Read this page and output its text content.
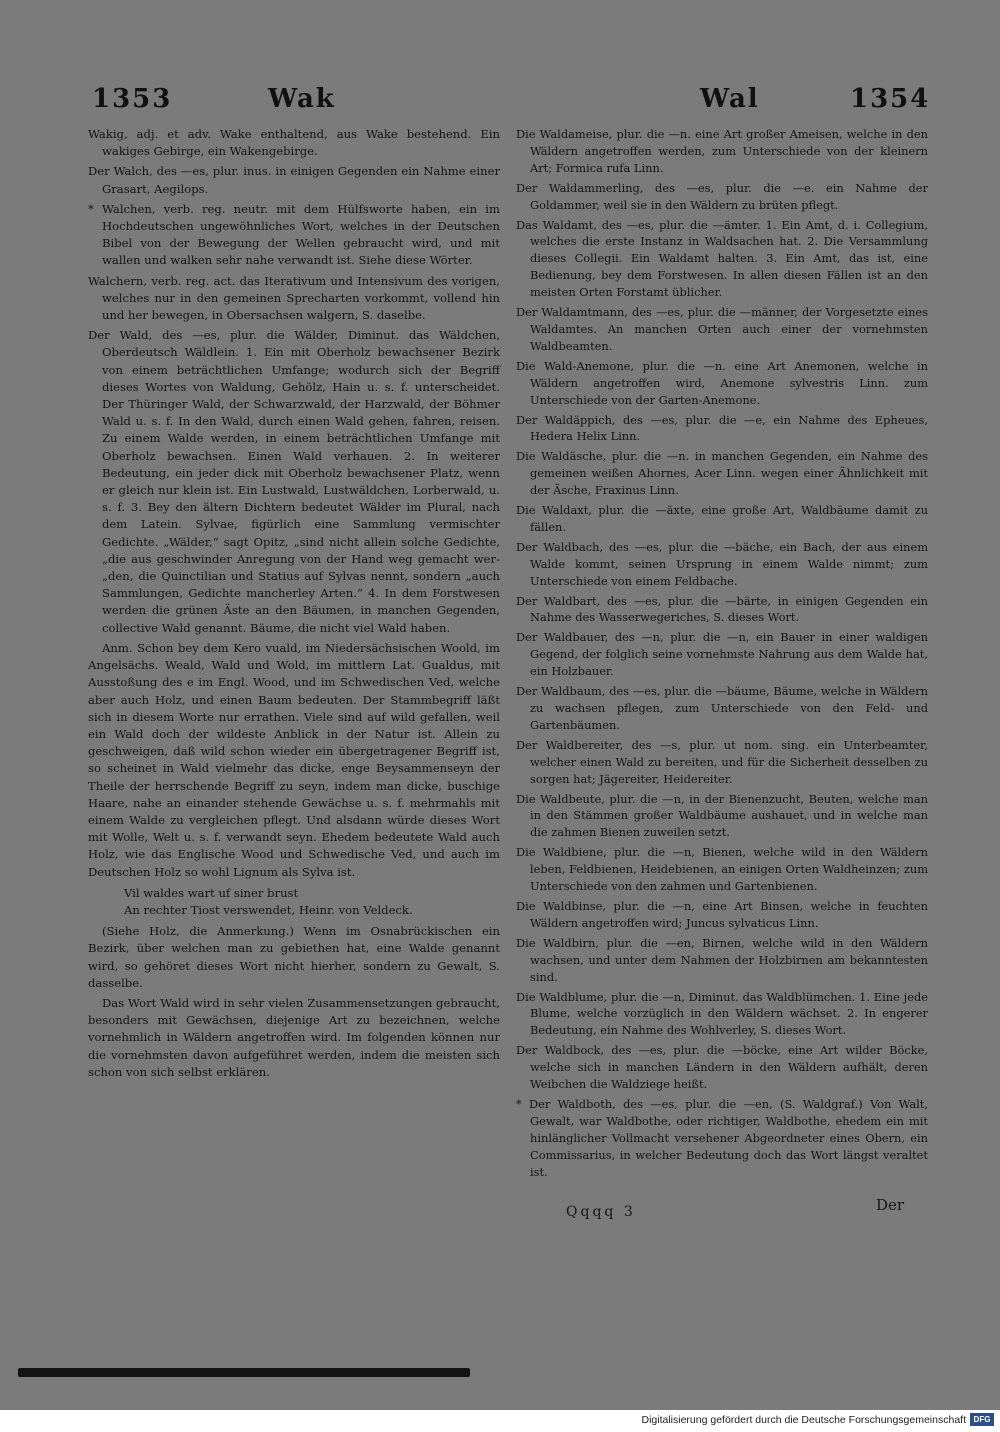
1353	Wak	Wal	1354

Wakig, adj. et adv. Wake enthaltend, aus Wake bestehend. Ein wakiges Gebirge, ein Wakengebirge.

Der Walch, des —es, plur. inus. in einigen Gegenden ein Nahme einer Grasart, Aegilops.

* Walchen, verb. reg. neutr. mit dem Hülfsworte haben, ein im Hochdeutschen ungewöhnliches Wort, welches in der Deutschen Bibel von der Bewegung der Wellen gebraucht wird, und mit wallen und walken sehr nahe verwandt ist. Siehe diese Wörter.

Walchern, verb. reg. act. das Iterativum und Intensivum des vorigen, welches nur in den gemeinen Sprecharten vorkommt, vollend hin und her bewegen, in Obersachsen walgern, S. daselbe.

Der Wald, des —es, plur. die Wälder, Diminut. das Wäldchen, Oberdeutsch Wäldlein. 1. Ein mit Oberholz bewachsener Bezirk von einem beträchtlichen Umfange; wodurch sich der Begriff dieses Wortes von Waldung, Gehölz, Hain u. s. f. unterscheidet. Der Thüringer Wald, der Schwarzwald, der Harzwald, der Böhmer Wald u. s. f. In den Wald, durch einen Wald gehen, fahren, reisen. Zu einem Walde werden, in einem beträchtlichen Umfange mit Oberholz bewachsen. Einen Wald verhauen. 2. In weiterer Bedeutung, ein jeder dick mit Oberholz bewachsener Platz, wenn er gleich nur klein ist. Ein Lustwald, Lustwäldchen, Lorberwald, u. s. f. 3. Bey den ältern Dichtern bedeutet Wälder im Plural, nach dem Latein. Sylvae, figürlich eine Sammlung vermischter Gedichte. „Wälder,“ sagt Opitz, „sind nicht allein solche Gedichte, „die aus geschwinder Anregung von der Hand weg gemacht wer- „den, die Quinctilian und Statius auf Sylvas nennt, sondern „auch Sammlungen, Gedichte mancherley Arten.“ 4. In dem Forstwesen werden die grünen Äste an den Bäumen, in manchen Gegenden, collective Wald genannt. Bäume, die nicht viel Wald haben.

Anm. Schon bey dem Kero vuald, im Niedersächsischen Woold, im Angelsächs. Weald, Wald und Wold, im mittlern Lat. Gualdus, mit Ausstoßung des e im Engl. Wood, und im Schwedischen Ved, welche aber auch Holz, und einen Baum bedeuten. Der Stammbegriff läßt sich in diesem Worte nur errathen. Viele sind auf wild gefallen, weil ein Wald doch der wildeste Anblick in der Natur ist. Allein zu geschweigen, daß wild schon wieder ein übergetragener Begriff ist, so scheinet in Wald vielmehr das dicke, enge Beysammenseyn der Theile der herrschende Begriff zu seyn, indem man dicke, buschige Haare, nahe an einander stehende Gewächse u. s. f. mehrmahls mit einem Walde zu vergleichen pflegt. Und alsdann würde dieses Wort mit Wolle, Welt u. s. f. verwandt seyn. Ehedem bedeutete Wald auch Holz, wie das Englische Wood und Schwedische Ved, und auch im Deutschen Holz so wohl Lignum als Sylva ist.

Vil waldes wart uf siner brust
An rechter Tiost verswendet, Heinr. von Veldeck.

(Siehe Holz, die Anmerkung.) Wenn im Osnabrückischen ein Bezirk, über welchen man zu gebiethen hat, eine Walde genannt wird, so gehöret dieses Wort nicht hierher, sondern zu Gewalt, S. dasselbe.

Das Wort Wald wird in sehr vielen Zusammensetzungen gebraucht, besonders mit Gewächsen, diejenige Art zu bezeichnen, welche vornehmlich in Wäldern angetroffen wird. Im folgenden können nur die vornehmsten davon aufgeführet werden, indem die meisten sich schon von sich selbst erklären.

Die Waldameise, plur. die —n. eine Art großer Ameisen, welche in den Wäldern angetroffen werden, zum Unterschiede von der kleinern Art; Formica rufa Linn.

Der Waldammerling, des —es, plur. die —e. ein Nahme der Goldammer, weil sie in den Wäldern zu brüten pflegt.

Das Waldamt, des —es, plur. die —ämter. 1. Ein Amt, d. i. Collegium, welches die erste Instanz in Waldsachen hat. 2. Die Versammlung dieses Collegii. Ein Waldamt halten. 3. Ein Amt, das ist, eine Bedienung, bey dem Forstwesen. In allen diesen Fällen ist an den meisten Orten Forstamt üblicher.

Der Waldamtmann, des —es, plur. die —männer, der Vorgesetzte eines Waldamtes. An manchen Orten auch einer der vornehmsten Waldbeamten.

Die Wald-Anemone, plur. die —n. eine Art Anemonen, welche in Wäldern angetroffen wird, Anemone sylvestris Linn. zum Unterschiede von der Garten-Anemone.

Der Waldäppich, des —es, plur. die —e, ein Nahme des Epheues, Hedera Helix Linn.

Die Waldäsche, plur. die —n. in manchen Gegenden, ein Nahme des gemeinen weißen Ahornes, Acer Linn. wegen einer Ähnlichkeit mit der Äsche, Fraxinus Linn.

Die Waldaxt, plur. die —äxte, eine große Art, Waldbäume damit zu fällen.

Der Waldbach, des —es, plur. die —bäche, ein Bach, der aus einem Walde kommt, seinen Ursprung in einem Walde nimmt; zum Unterschiede von einem Feldbache.

Der Waldbart, des —es, plur. die —bärte, in einigen Gegenden ein Nahme des Wasserwegeriches, S. dieses Wort.

Der Waldbauer, des —n, plur. die —n, ein Bauer in einer waldigen Gegend, der folglich seine vornehmste Nahrung aus dem Walde hat, ein Holzbauer.

Der Waldbaum, des —es, plur. die —bäume, Bäume, welche in Wäldern zu wachsen pflegen, zum Unterschiede von den Feld- und Gartenbäumen.

Der Waldbereiter, des —s, plur. ut nom. sing. ein Unterbeamter, welcher einen Wald zu bereiten, und für die Sicherheit desselben zu sorgen hat; Jägereiter, Heidereiter.

Die Waldbeute, plur. die —n, in der Bienenzucht, Beuten, welche man in den Stämmen großer Waldbäume aushauet, und in welche man die zahmen Bienen zuweilen setzt.

Die Waldbiene, plur. die —n, Bienen, welche wild in den Wäldern leben, Feldbienen, Heidebienen, an einigen Orten Waldheinzen; zum Unterschiede von den zahmen und Gartenbienen.

Die Waldbinse, plur. die —n, eine Art Binsen, welche in feuchten Wäldern angetroffen wird; Juncus sylvaticus Linn.

Die Waldbirn, plur. die —en, Birnen, welche wild in den Wäldern wachsen, und unter dem Nahmen der Holzbirnen am bekanntesten sind.

Die Waldblume, plur. die —n, Diminut. das Waldblümchen. 1. Eine jede Blume, welche vorzüglich in den Wäldern wächset. 2. In engerer Bedeutung, ein Nahme des Wohlverley, S. dieses Wort.

Der Waldbock, des —es, plur. die —böcke, eine Art wilder Böcke, welche sich in manchen Ländern in den Wäldern aufhält, deren Weibchen die Waldziege heißt.

* Der Waldboth, des —es, plur. die —en, (S. Waldgraf.) Von Walt, Gewalt, war Waldbothe, oder richtiger, Waldbothe, ehedem ein mit hinlänglicher Vollmacht versehener Abgeordneter eines Obern, ein Commissarius, in welcher Bedeutung doch das Wort längst veraltet ist.

Qqqq 3	Der
Digitalisierung gefördert durch die Deutsche Forschungsgemeinschaft DFG
